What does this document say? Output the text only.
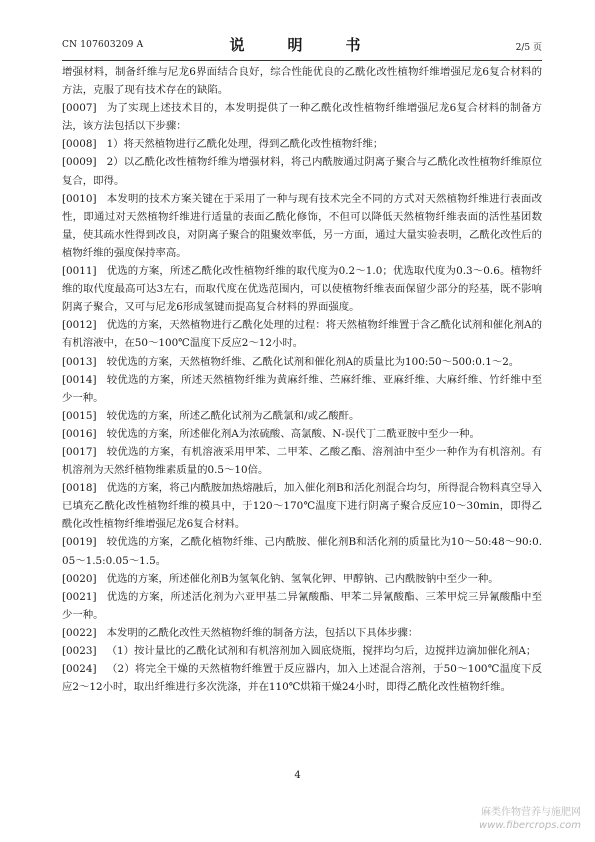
CN 107603209 A	说　明　书	2/5 页

增强材料，制备纤维与尼龙6界面结合良好，综合性能优良的乙酰化改性植物纤维增强尼龙6复合材料的方法，克服了现有技术存在的缺陷。

[0007] 为了实现上述技术目的，本发明提供了一种乙酰化改性植物纤维增强尼龙6复合材料的制备方法，该方法包括以下步骤：

[0008] 1）将天然植物进行乙酰化处理，得到乙酰化改性植物纤维；

[0009] 2）以乙酰化改性植物纤维为增强材料，将己内酰胺通过阴离子聚合与乙酰化改性植物纤维原位复合，即得。

[0010] 本发明的技术方案关键在于采用了一种与现有技术完全不同的方式对天然植物纤维进行表面改性，即通过对天然植物纤维进行适量的表面乙酰化修饰，不但可以降低天然植物纤维表面的活性基团数量，使其疏水性得到改良，对阴离子聚合的阻聚效率低，另一方面，通过大量实验表明，乙酰化改性后的植物纤维的强度保持率高。

[0011] 优选的方案，所述乙酰化改性植物纤维的取代度为0.2～1.0；优选取代度为0.3～0.6。植物纤维的取代度最高可达3左右，而取代度在优选范围内，可以使植物纤维表面保留少部分的羟基，既不影响阴离子聚合，又可与尼龙6形成氢键而提高复合材料的界面强度。

[0012] 优选的方案，天然植物进行乙酰化处理的过程：将天然植物纤维置于含乙酰化试剂和催化剂A的有机溶液中，在50～100℃温度下反应2～12小时。

[0013] 较优选的方案，天然植物纤维、乙酰化试剂和催化剂A的质量比为100:50～500:0.1～2。

[0014] 较优选的方案，所述天然植物纤维为黄麻纤维、苎麻纤维、亚麻纤维、大麻纤维、竹纤维中至少一种。

[0015] 较优选的方案，所述乙酰化试剂为乙酰氯和/或乙酸酐。

[0016] 较优选的方案，所述催化剂A为浓硫酸、高氯酸、N-误代丁二酰亚胺中至少一种。

[0017] 较优选的方案，有机溶液采用甲苯、二甲苯、乙酸乙酯、溶剂油中至少一种作为有机溶剂。有机溶剂为天然纤植物维素质量的0.5～10倍。

[0018] 优选的方案，将己内酰胺加热熔融后，加入催化剂B和活化剂混合均匀，所得混合物料真空导入已填充乙酰化改性植物纤维的模具中，于120～170℃温度下进行阴离子聚合反应10～30min，即得乙酰化改性植物纤维增强尼龙6复合材料。

[0019] 较优选的方案，乙酰化植物纤维、己内酰胺、催化剂B和活化剂的质量比为10～50:48～90:0.05～1.5:0.05～1.5。

[0020] 优选的方案，所述催化剂B为氢氧化钠、氢氧化钾、甲醇钠、己内酰胺钠中至少一种。

[0021] 优选的方案，所述活化剂为六亚甲基二异氰酸酯、甲苯二异氰酸酯、三苯甲烷三异氰酸酯中至少一种。

[0022] 本发明的乙酰化改性天然植物纤维的制备方法，包括以下具体步骤：

[0023] （1）按计量比的乙酰化试剂和有机溶剂加入圆底烧瓶，搅拌均匀后，边搅拌边滴加催化剂A；

[0024] （2）将完全干燥的天然植物纤维置于反应器内，加入上述混合溶剂，于50～100℃温度下反应2～12小时，取出纤维进行多次洗涤，并在110℃烘箱干燥24小时，即得乙酰化改性植物纤维。

4
麻类作物营养与施肥网
www.fibercrops.com
